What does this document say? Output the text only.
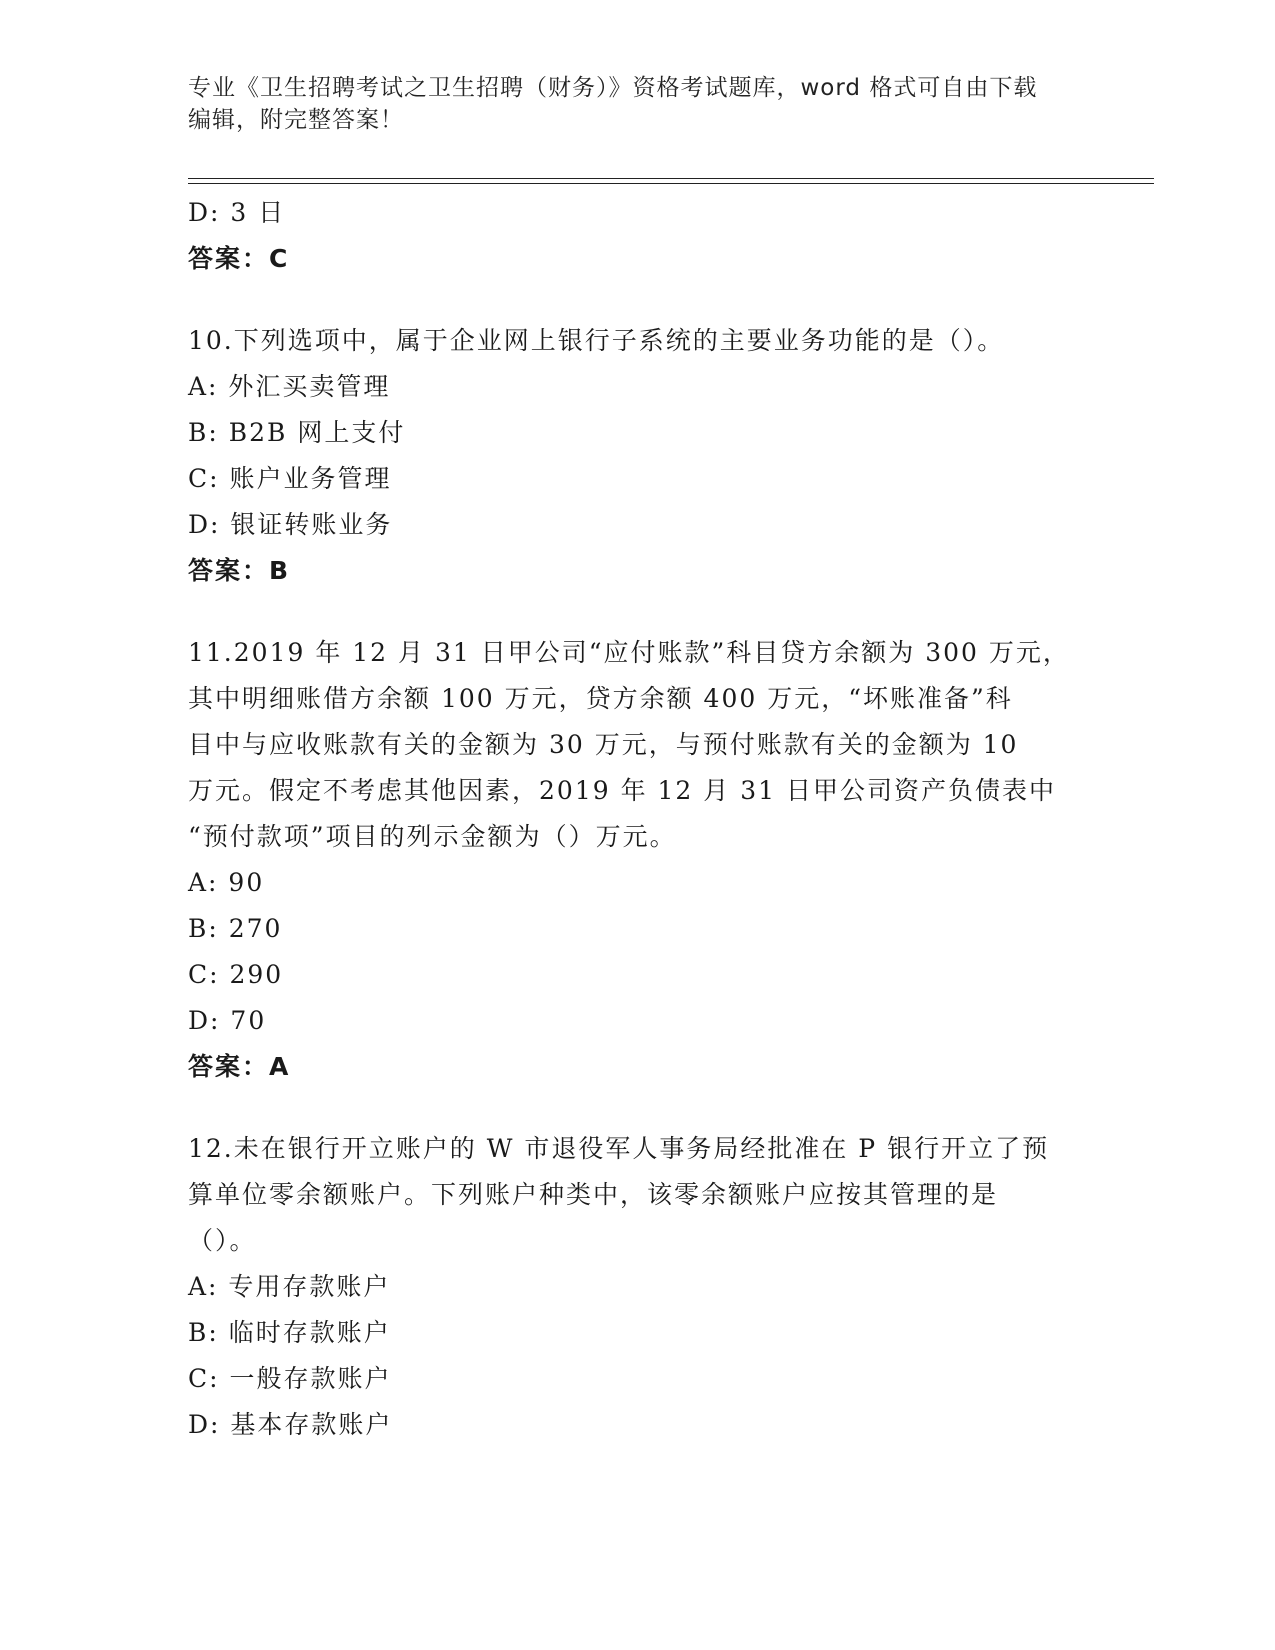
专业《卫生招聘考试之卫生招聘（财务）》资格考试题库，word 格式可自由下载
编辑，附完整答案！
D: 3 日
答案：C
10.下列选项中，属于企业网上银行子系统的主要业务功能的是（）。
A: 外汇买卖管理
B: B2B 网上支付
C: 账户业务管理
D: 银证转账业务
答案：B
11.2019 年 12 月 31 日甲公司“应付账款”科目贷方余额为 300 万元，
其中明细账借方余额 100 万元，贷方余额 400 万元，“坏账准备”科
目中与应收账款有关的金额为 30 万元，与预付账款有关的金额为 10
万元。假定不考虑其他因素，2019 年 12 月 31 日甲公司资产负债表中
“预付款项”项目的列示金额为（）万元。
A: 90
B: 270
C: 290
D: 70
答案：A
12.未在银行开立账户的 W 市退役军人事务局经批准在 P 银行开立了预
算单位零余额账户。下列账户种类中，该零余额账户应按其管理的是
（）。
A: 专用存款账户
B: 临时存款账户
C: 一般存款账户
D: 基本存款账户
